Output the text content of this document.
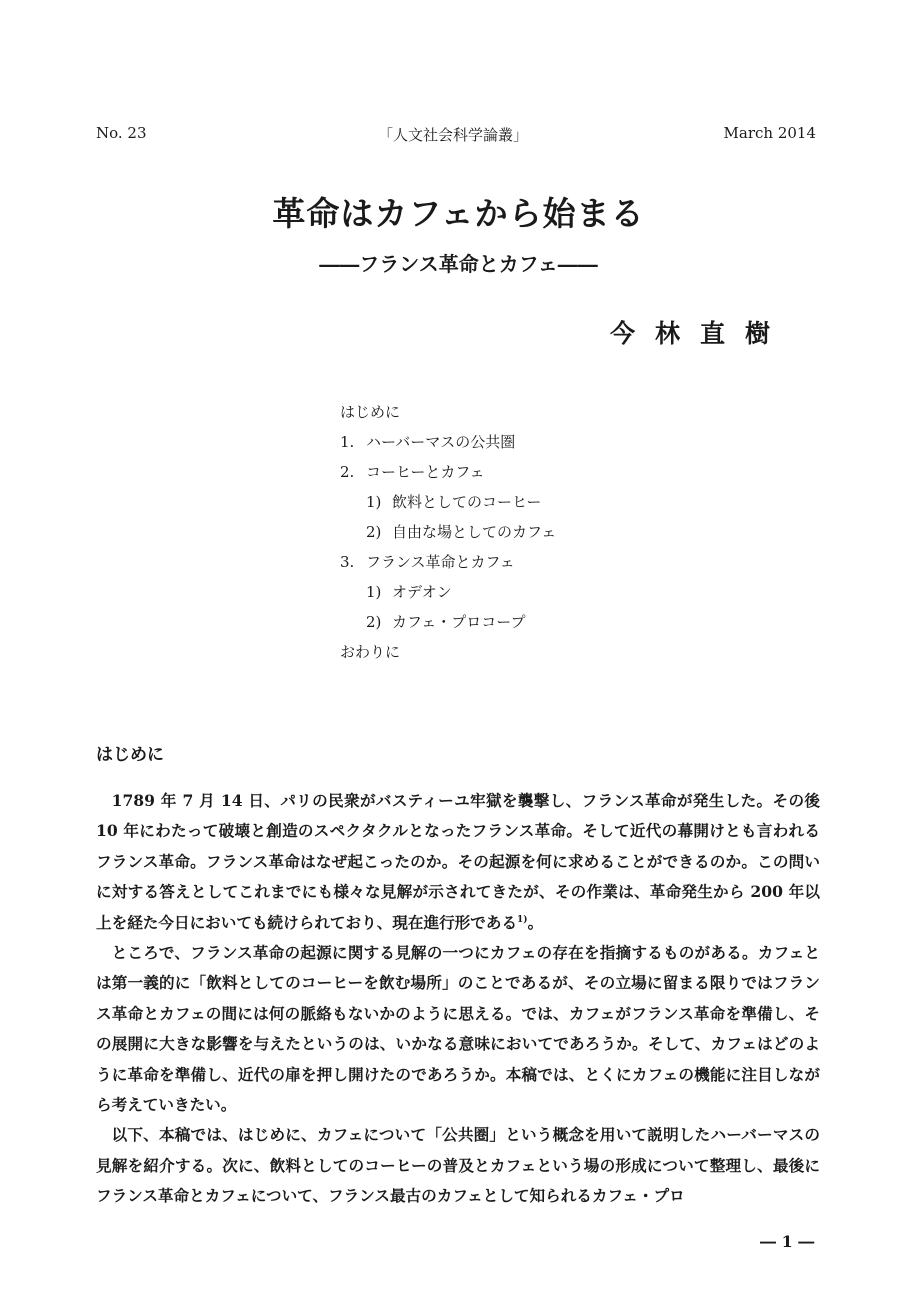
No. 23	「人文社会科学論叢」	March 2014
革命はカフェから始まる
――フランス革命とカフェ――
今林直樹
はじめに
1. ハーバーマスの公共圏
2. コーヒーとカフェ
1) 飲料としてのコーヒー
2) 自由な場としてのカフェ
3. フランス革命とカフェ
1) オデオン
2) カフェ・プロコープ
おわりに
はじめに

1789 年 7 月 14 日、パリの民衆がバスティーユ牢獄を襲撃し、フランス革命が発生した。その後 10 年にわたって破壊と創造のスペクタクルとなったフランス革命。そして近代の幕開けとも言われるフランス革命。フランス革命はなぜ起こったのか。その起源を何に求めることができるのか。この問いに対する答えとしてこれまでにも様々な見解が示されてきたが、その作業は、革命発生から 200 年以上を経た今日においても続けられており、現在進行形である$^{1)}$。

ところで、フランス革命の起源に関する見解の一つにカフェの存在を指摘するものがある。カフェとは第一義的に「飲料としてのコーヒーを飲む場所」のことであるが、その立場に留まる限りではフランス革命とカフェの間には何の脈絡もないかのように思える。では、カフェがフランス革命を準備し、その展開に大きな影響を与えたというのは、いかなる意味においてであろうか。そして、カフェはどのように革命を準備し、近代の扉を押し開けたのであろうか。本稿では、とくにカフェの機能に注目しながら考えていきたい。

以下、本稿では、はじめに、カフェについて「公共圏」という概念を用いて説明したハーバーマスの見解を紹介する。次に、飲料としてのコーヒーの普及とカフェという場の形成について整理し、最後にフランス革命とカフェについて、フランス最古のカフェとして知られるカフェ・プロ

― 1 ―
